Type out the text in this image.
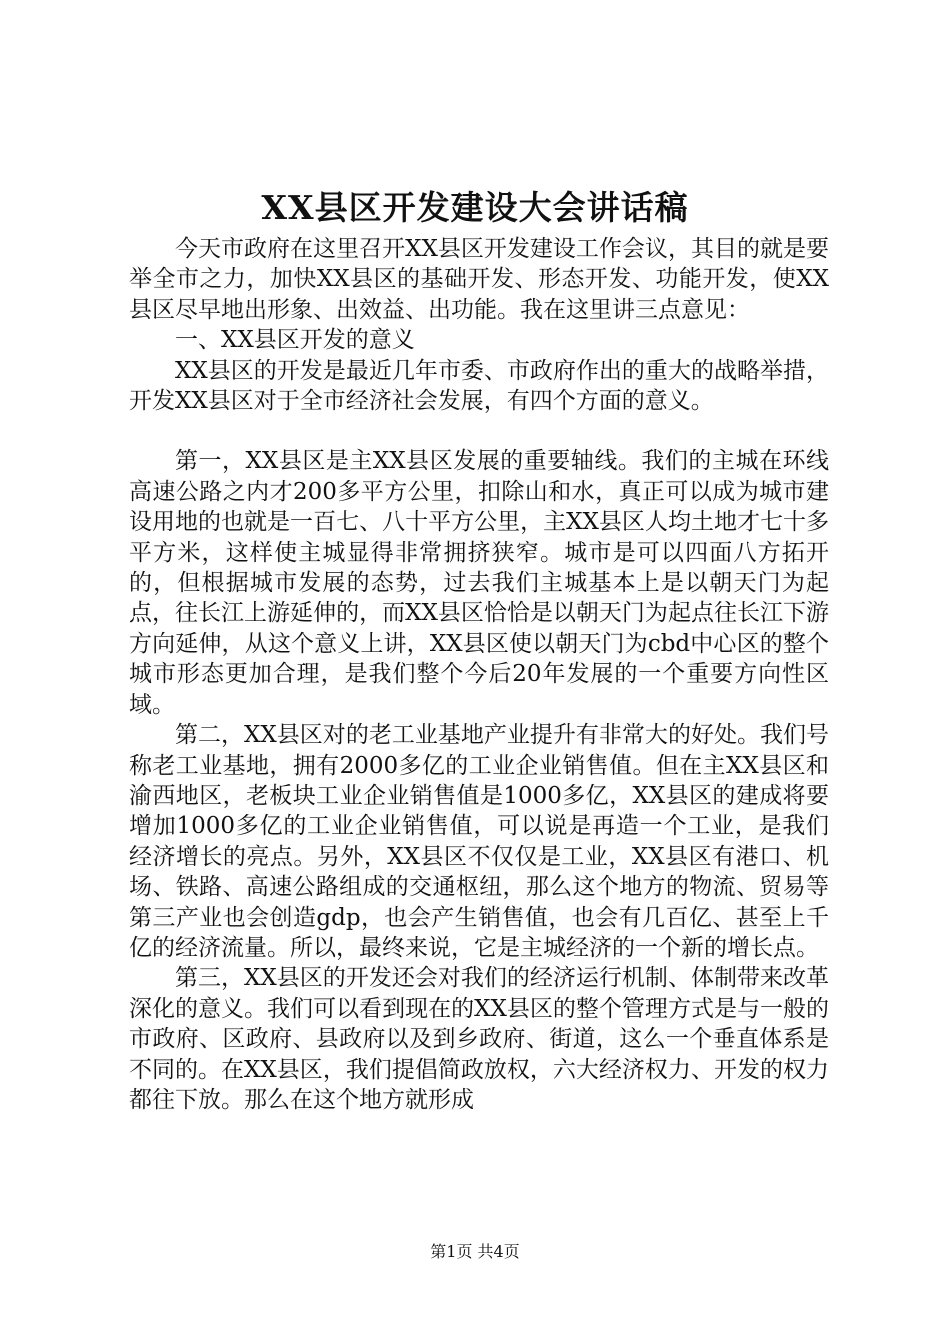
XX县区开发建设大会讲话稿

今天市政府在这里召开XX县区开发建设工作会议，其目的就是要举全市之力，加快XX县区的基础开发、形态开发、功能开发，使XX县区尽早地出形象、出效益、出功能。我在这里讲三点意见：

一、XX县区开发的意义

XX县区的开发是最近几年市委、市政府作出的重大的战略举措，开发XX县区对于全市经济社会发展，有四个方面的意义。

第一，XX县区是主XX县区发展的重要轴线。我们的主城在环线高速公路之内才200多平方公里，扣除山和水，真正可以成为城市建设用地的也就是一百七、八十平方公里，主XX县区人均土地才七十多平方米，这样使主城显得非常拥挤狭窄。城市是可以四面八方拓开的，但根据城市发展的态势，过去我们主城基本上是以朝天门为起点，往长江上游延伸的，而XX县区恰恰是以朝天门为起点往长江下游方向延伸，从这个意义上讲，XX县区使以朝天门为cbd中心区的整个城市形态更加合理，是我们整个今后20年发展的一个重要方向性区域。

第二，XX县区对的老工业基地产业提升有非常大的好处。我们号称老工业基地，拥有2000多亿的工业企业销售值。但在主XX县区和渝西地区，老板块工业企业销售值是1000多亿，XX县区的建成将要增加1000多亿的工业企业销售值，可以说是再造一个工业，是我们经济增长的亮点。另外，XX县区不仅仅是工业，XX县区有港口、机场、铁路、高速公路组成的交通枢纽，那么这个地方的物流、贸易等第三产业也会创造gdp，也会产生销售值，也会有几百亿、甚至上千亿的经济流量。所以，最终来说，它是主城经济的一个新的增长点。

第三，XX县区的开发还会对我们的经济运行机制、体制带来改革深化的意义。我们可以看到现在的XX县区的整个管理方式是与一般的市政府、区政府、县政府以及到乡政府、街道，这么一个垂直体系是不同的。在XX县区，我们提倡简政放权，六大经济权力、开发的权力都往下放。那么在这个地方就形成

第1页 共4页
